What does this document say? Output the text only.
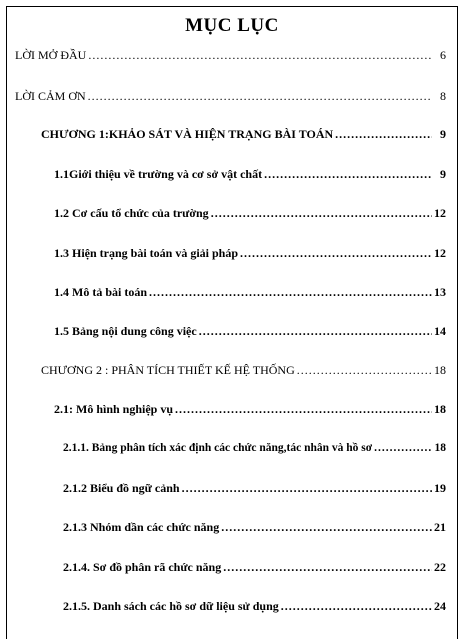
MỤC LỤC
LỜI MỞ ĐẦU .....	6
LỜI CẢM ƠN .....	8
CHƯƠNG 1:KHẢO SÁT VÀ HIỆN TRẠNG BÀI TOÁN .....	9
1.1Giới thiệu về trường và cơ sở vật chất .....	9
1.2 Cơ cấu tổ chức của trường .....	12
1.3 Hiện trạng bài toán và giải pháp .....	12
1.4 Mô tả bài toán .....	13
1.5 Bảng nội dung công việc .....	14
CHƯƠNG 2 : PHÂN TÍCH THIẾT KẾ HỆ THỐNG .....	18
2.1: Mô hình nghiệp vụ .....	18
2.1.1. Bảng phân tích xác định các chức năng,tác nhân và hồ sơ .....	18
2.1.2 Biểu đồ ngữ cảnh .....	19
2.1.3 Nhóm dần các chức năng .....	21
2.1.4. Sơ đồ phân rã chức năng .....	22
2.1.5. Danh sách các hồ sơ dữ liệu sử dụng .....	24
